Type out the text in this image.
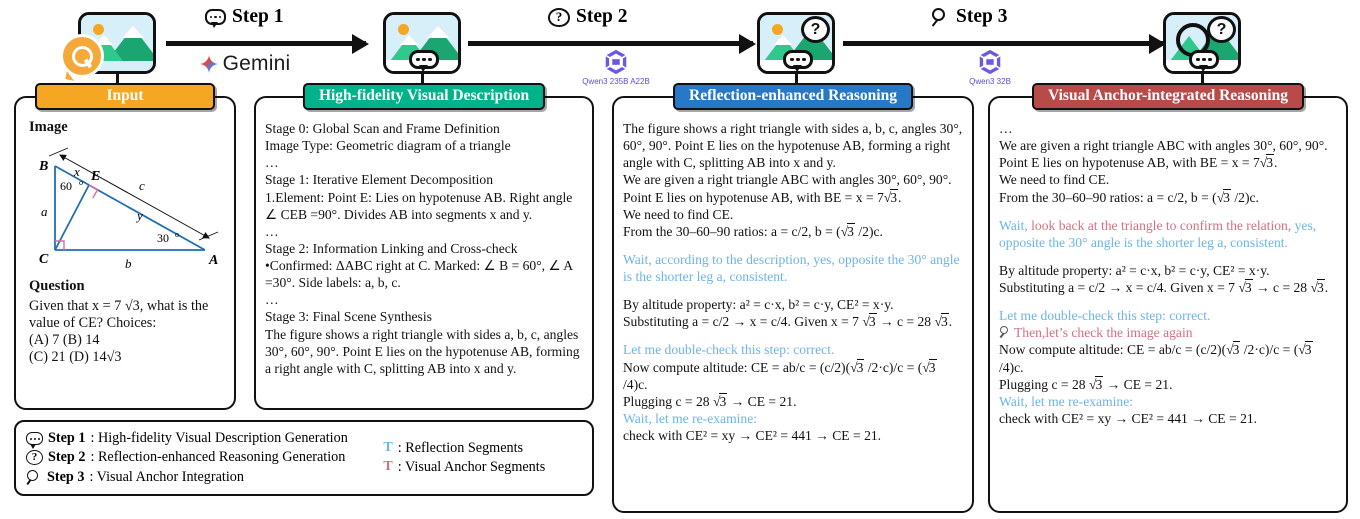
Step 1
Gemini
? Step 2
Qwen3 235B A22B
?
Step 3
Qwen3 32B
?
Input
Image
B
C	A
E
x
y
c
a
b
60 o
30 o
Question
Given that x = 7 √3, what is the
value of CE? Choices:
(A) 7 (B) 14
(C) 21 (D) 14√3
High-fidelity Visual Description

Stage 0: Global Scan and Frame Definition

Image Type: Geometric diagram of a triangle

…

Stage 1: Iterative Element Decomposition

1.Element: Point E: Lies on hypotenuse AB. Right angle ∠ CEB =90°. Divides AB into segments x and y.

…

Stage 2: Information Linking and Cross-check

•Confirmed: ΔABC right at C. Marked: ∠ B = 60°, ∠ A =30°. Side labels: a, b, c.

…

Stage 3: Final Scene Synthesis

The figure shows a right triangle with sides a, b, c, angles 30°, 60°, 90°. Point E lies on the hypotenuse AB, forming a right angle with C, splitting AB into x and y.

Reflection-enhanced Reasoning

The figure shows a right triangle with sides a, b, c, angles 30°, 60°, 90°. Point E lies on the hypotenuse AB, forming a right angle with C, splitting AB into x and y.

We are given a right triangle ABC with angles 30°, 60°, 90°. Point E lies on hypotenuse AB, with BE = x = 7√3.

We need to find CE.

From the 30–60–90 ratios: a = c/2, b = (√3 /2)c.

Wait, according to the description, yes, opposite the 30° angle is the shorter leg a, consistent.

By altitude property: a² = c·x, b² = c·y, CE² = x·y.

Substituting a = c/2 → x = c/4. Given x = 7 √3 → c = 28 √3.

Let me double-check this step: correct.

Now compute altitude: CE = ab/c = (c/2)(√3 /2·c)/c = (√3 /4)c.

Plugging c = 28 √3 → CE = 21.

Wait, let me re-examine:

check with CE² = xy → CE² = 441 → CE = 21.

Visual Anchor-integrated Reasoning

…

We are given a right triangle ABC with angles 30°, 60°, 90°. Point E lies on hypotenuse AB, with BE = x = 7√3.

We need to find CE.

From the 30–60–90 ratios: a = c/2, b = (√3 /2)c.

Wait, look back at the triangle to confirm the relation, yes, opposite the 30° angle is the shorter leg a, consistent.

By altitude property: a² = c·x, b² = c·y, CE² = x·y.

Substituting a = c/2 → x = c/4. Given x = 7 √3 → c = 28 √3.

Let me double-check this step: correct.

Then,let’s check the image again

Now compute altitude: CE = ab/c = (c/2)(√3 /2·c)/c = (√3 /4)c.

Plugging c = 28 √3 → CE = 21.

Wait, let me re-examine:

check with CE² = xy → CE² = 441 → CE = 21.

Step 1 : High-fidelity Visual Description Generation
? Step 2 : Reflection-enhanced Reasoning Generation
Step 3 : Visual Anchor Integration
T : Reflection Segments
T : Visual Anchor Segments
